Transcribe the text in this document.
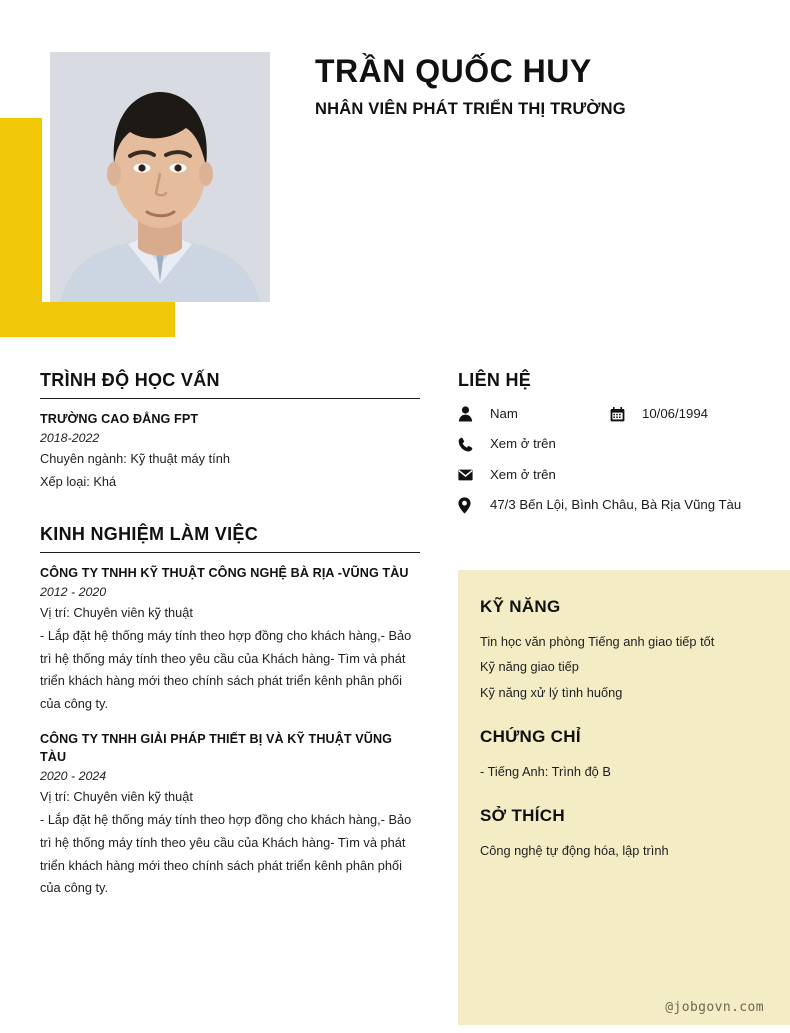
TRẦN QUỐC HUY
NHÂN VIÊN PHÁT TRIỂN THỊ TRƯỜNG
TRÌNH ĐỘ HỌC VẤN
TRƯỜNG CAO ĐẲNG FPT
2018-2022
Chuyên ngành: Kỹ thuật máy tính
Xếp loại: Khá
KINH NGHIỆM LÀM VIỆC
CÔNG TY TNHH KỸ THUẬT CÔNG NGHỆ BÀ RỊA -VŨNG TÀU
2012 - 2020
Vị trí: Chuyên viên kỹ thuật
- Lắp đặt hệ thống máy tính theo hợp đồng cho khách hàng,- Bảo trì hệ thống máy tính theo yêu cầu của Khách hàng- Tìm và phát triển khách hàng mới theo chính sách phát triển kênh phân phối của công ty.
CÔNG TY TNHH GIẢI PHÁP THIẾT BỊ VÀ KỸ THUẬT VŨNG TÀU
2020 - 2024
Vị trí: Chuyên viên kỹ thuật
- Lắp đặt hệ thống máy tính theo hợp đồng cho khách hàng,- Bảo trì hệ thống máy tính theo yêu cầu của Khách hàng- Tìm và phát triển khách hàng mới theo chính sách phát triển kênh phân phối của công ty.
LIÊN HỆ
Nam	10/06/1994
Xem ở trên
Xem ở trên
47/3 Bến Lội, Bình Châu, Bà Rịa Vũng Tàu
KỸ NĂNG
Tin học văn phòng Tiếng anh giao tiếp tốt
Kỹ năng giao tiếp
Kỹ năng xử lý tình huống
CHỨNG CHỈ
- Tiếng Anh: Trình độ B
SỞ THÍCH
Công nghệ tự động hóa, lập trình
@jobgovn.com
